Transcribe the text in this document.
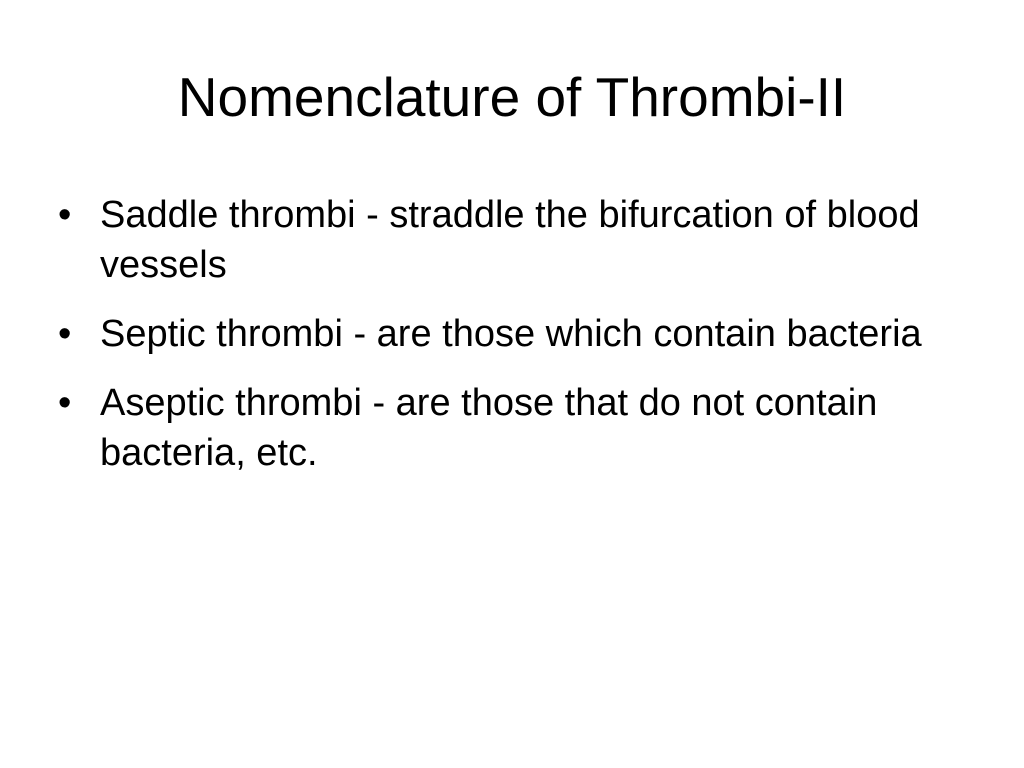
Nomenclature of Thrombi-II
• Saddle thrombi - straddle the bifurcation of blood vessels
• Septic thrombi - are those which contain bacteria
• Aseptic thrombi - are those that do not contain bacteria, etc.
